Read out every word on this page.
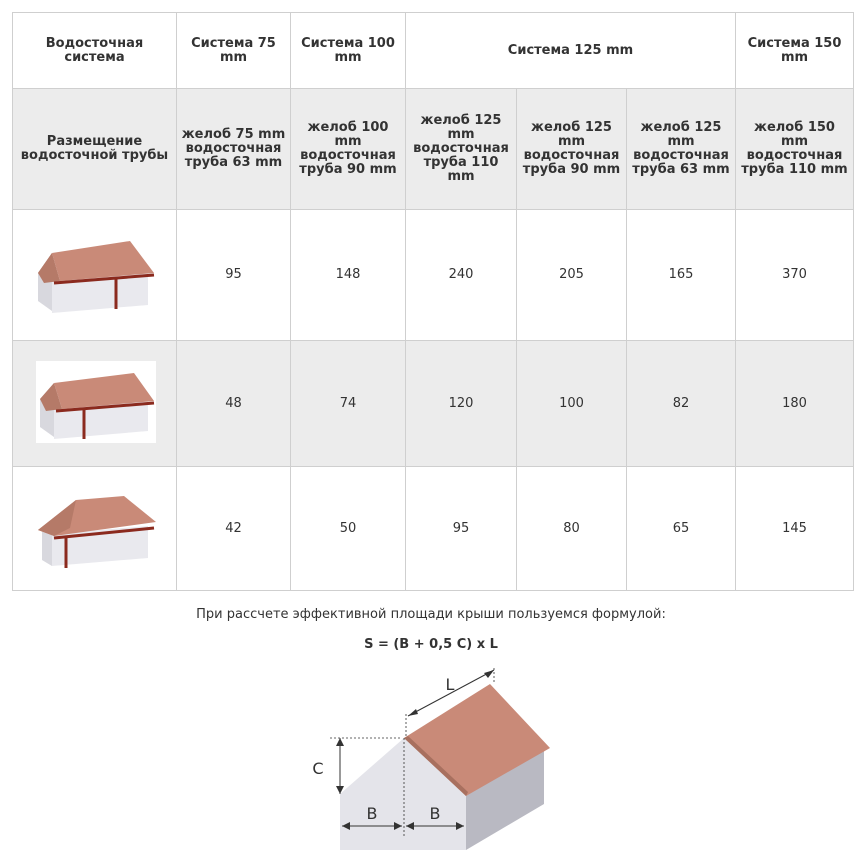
Водосточная система	Система 75 mm	Система 100 mm	Система 125 mm			Система 150 mm
Размещение водосточной трубы	желоб 75 mm водосточная труба 63 mm	желоб 100 mm водосточная труба 90 mm	желоб 125 mm водосточная труба 110 mm	желоб 125 mm водосточная труба 90 mm	желоб 125 mm водосточная труба 63 mm	желоб 150 mm водосточная труба 110 mm
	95	148	240	205	165	370
	48	74	120	100	82	180
	42	50	95	80	65	145
При рассчете эффективной площади крыши пользуемся формулой:
S = (B + 0,5 C) x L
L
C
B	B
